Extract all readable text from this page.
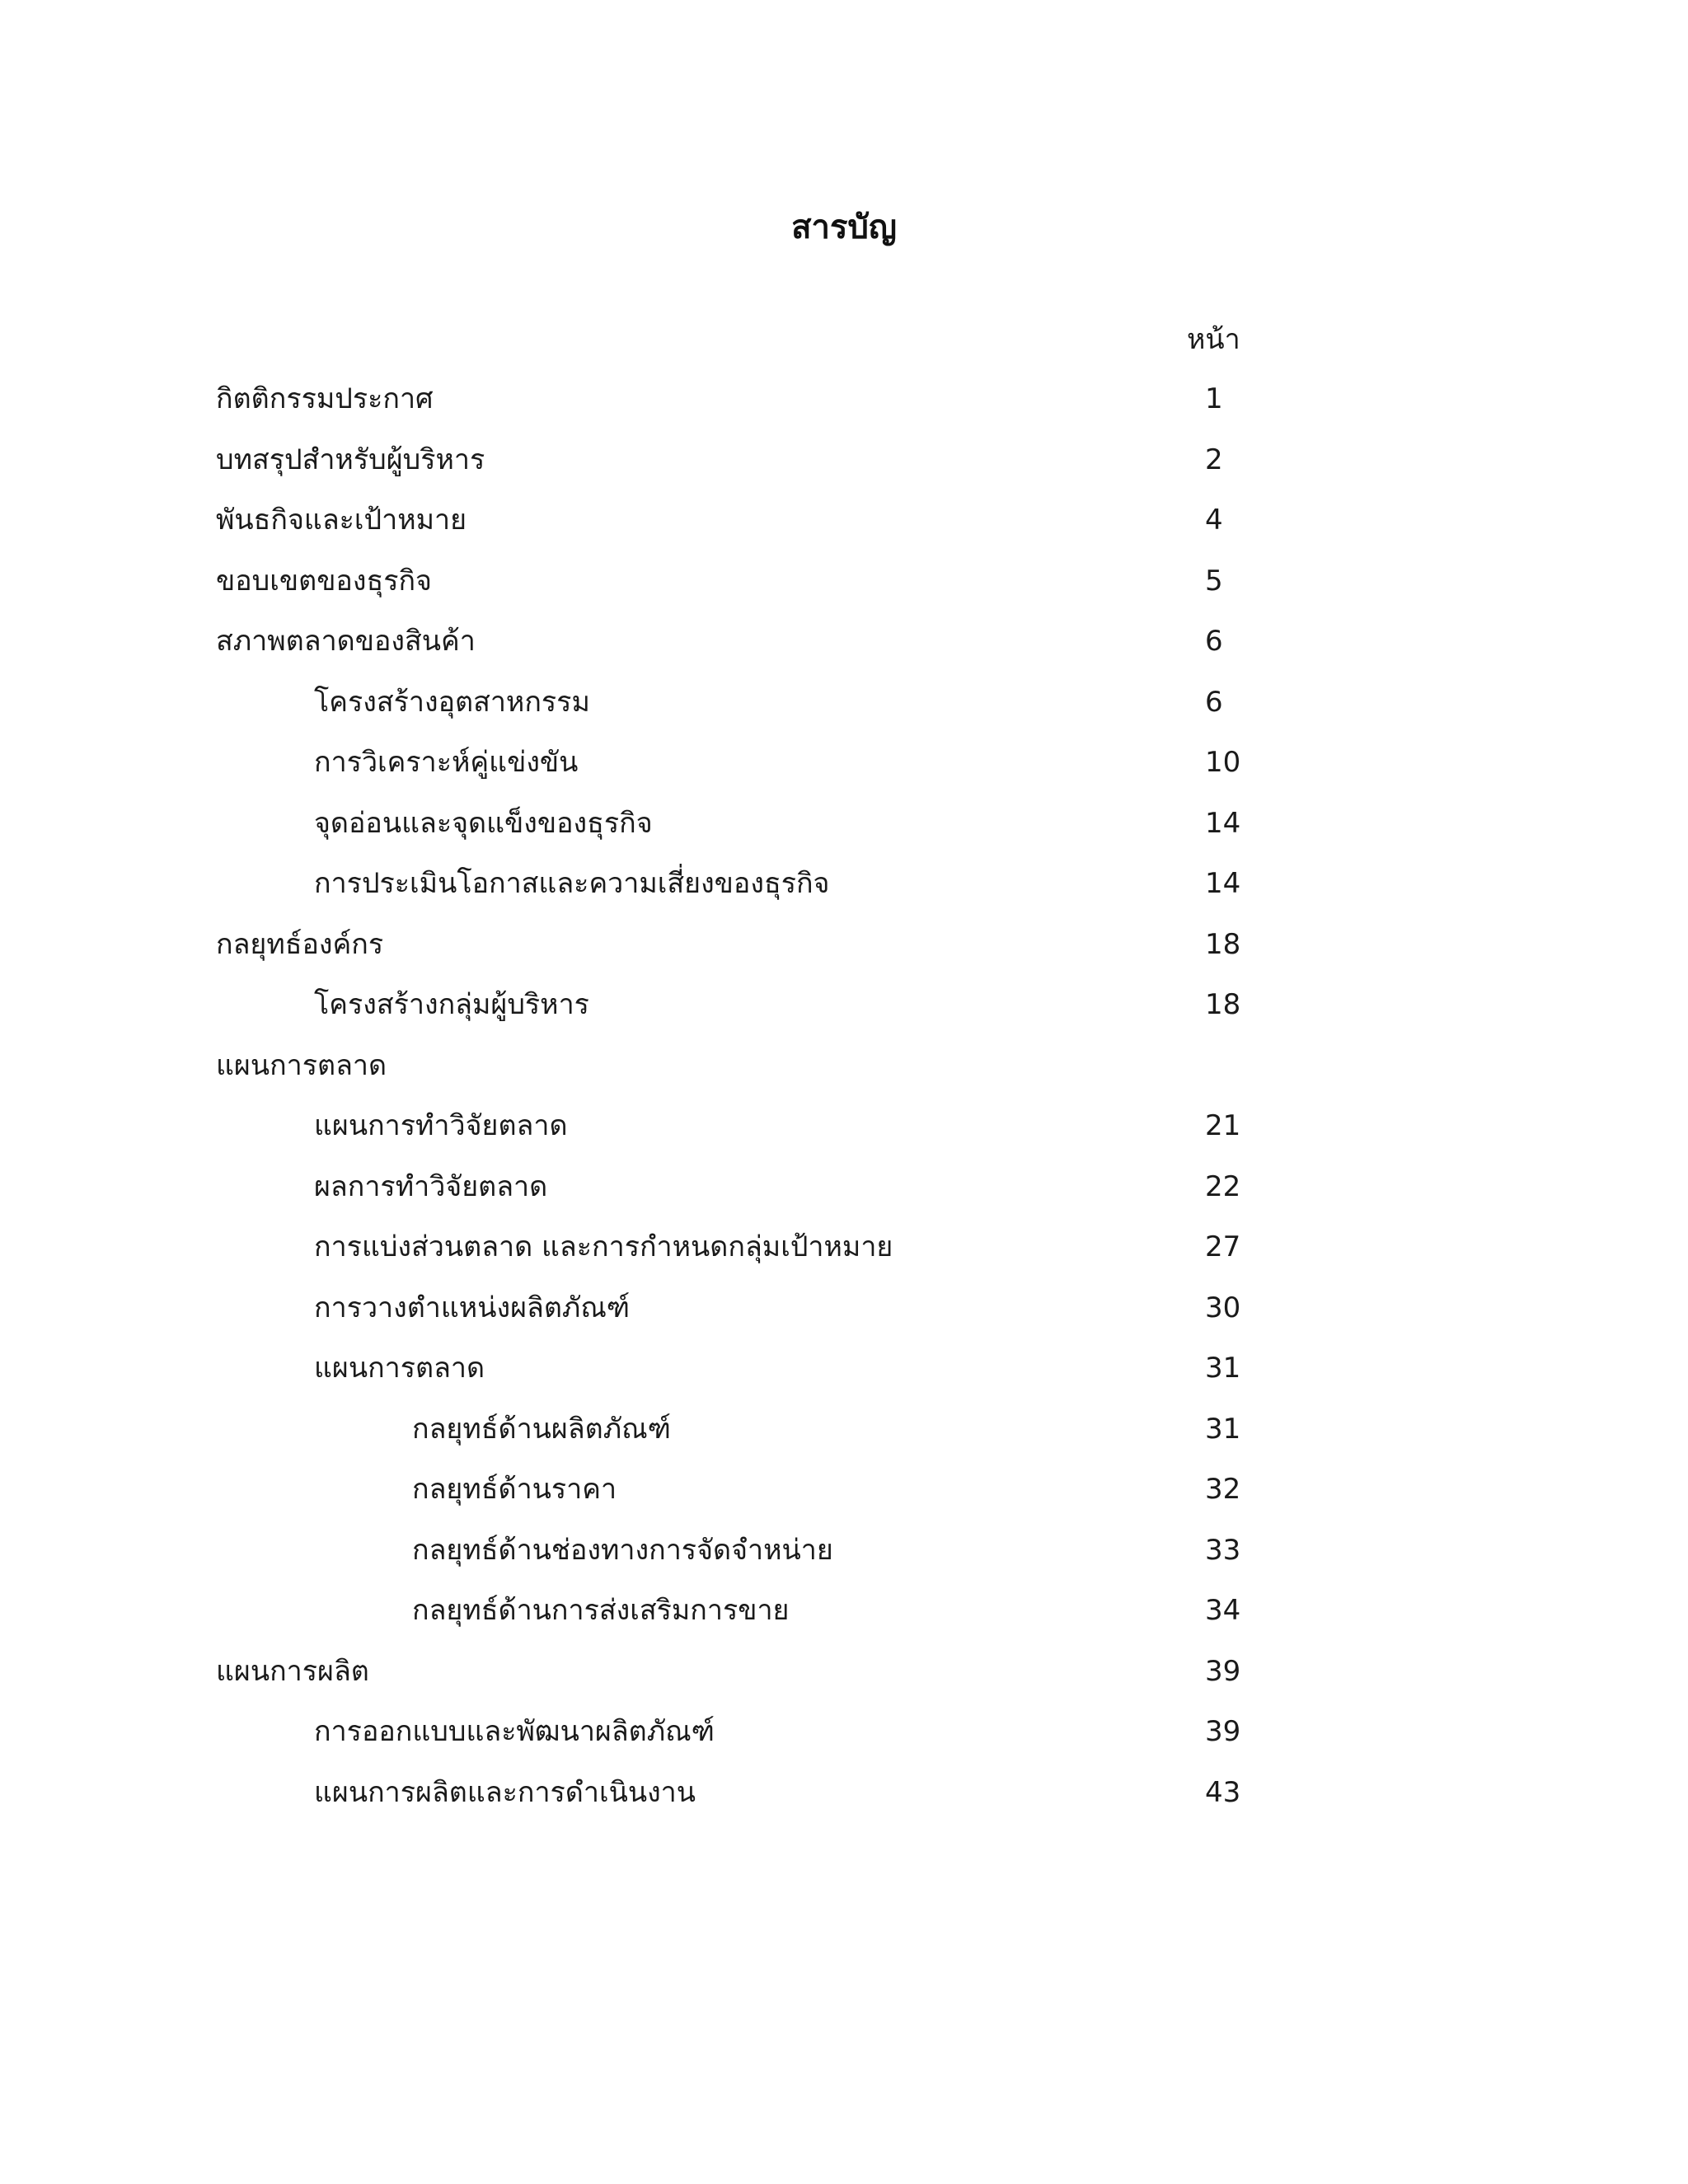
สารบัญ
หน้า
กิตติกรรมประกาศ	1
บทสรุปสำหรับผู้บริหาร	2
พันธกิจและเป้าหมาย	4
ขอบเขตของธุรกิจ	5
สภาพตลาดของสินค้า	6
โครงสร้างอุตสาหกรรม	6
การวิเคราะห์คู่แข่งขัน	10
จุดอ่อนและจุดแข็งของธุรกิจ	14
การประเมินโอกาสและความเสี่ยงของธุรกิจ	14
กลยุทธ์องค์กร	18
โครงสร้างกลุ่มผู้บริหาร	18
แผนการตลาด
แผนการทำวิจัยตลาด	21
ผลการทำวิจัยตลาด	22
การแบ่งส่วนตลาด และการกำหนดกลุ่มเป้าหมาย	27
การวางตำแหน่งผลิตภัณฑ์	30
แผนการตลาด	31
กลยุทธ์ด้านผลิตภัณฑ์	31
กลยุทธ์ด้านราคา	32
กลยุทธ์ด้านช่องทางการจัดจำหน่าย	33
กลยุทธ์ด้านการส่งเสริมการขาย	34
แผนการผลิต	39
การออกแบบและพัฒนาผลิตภัณฑ์	39
แผนการผลิตและการดำเนินงาน	43
